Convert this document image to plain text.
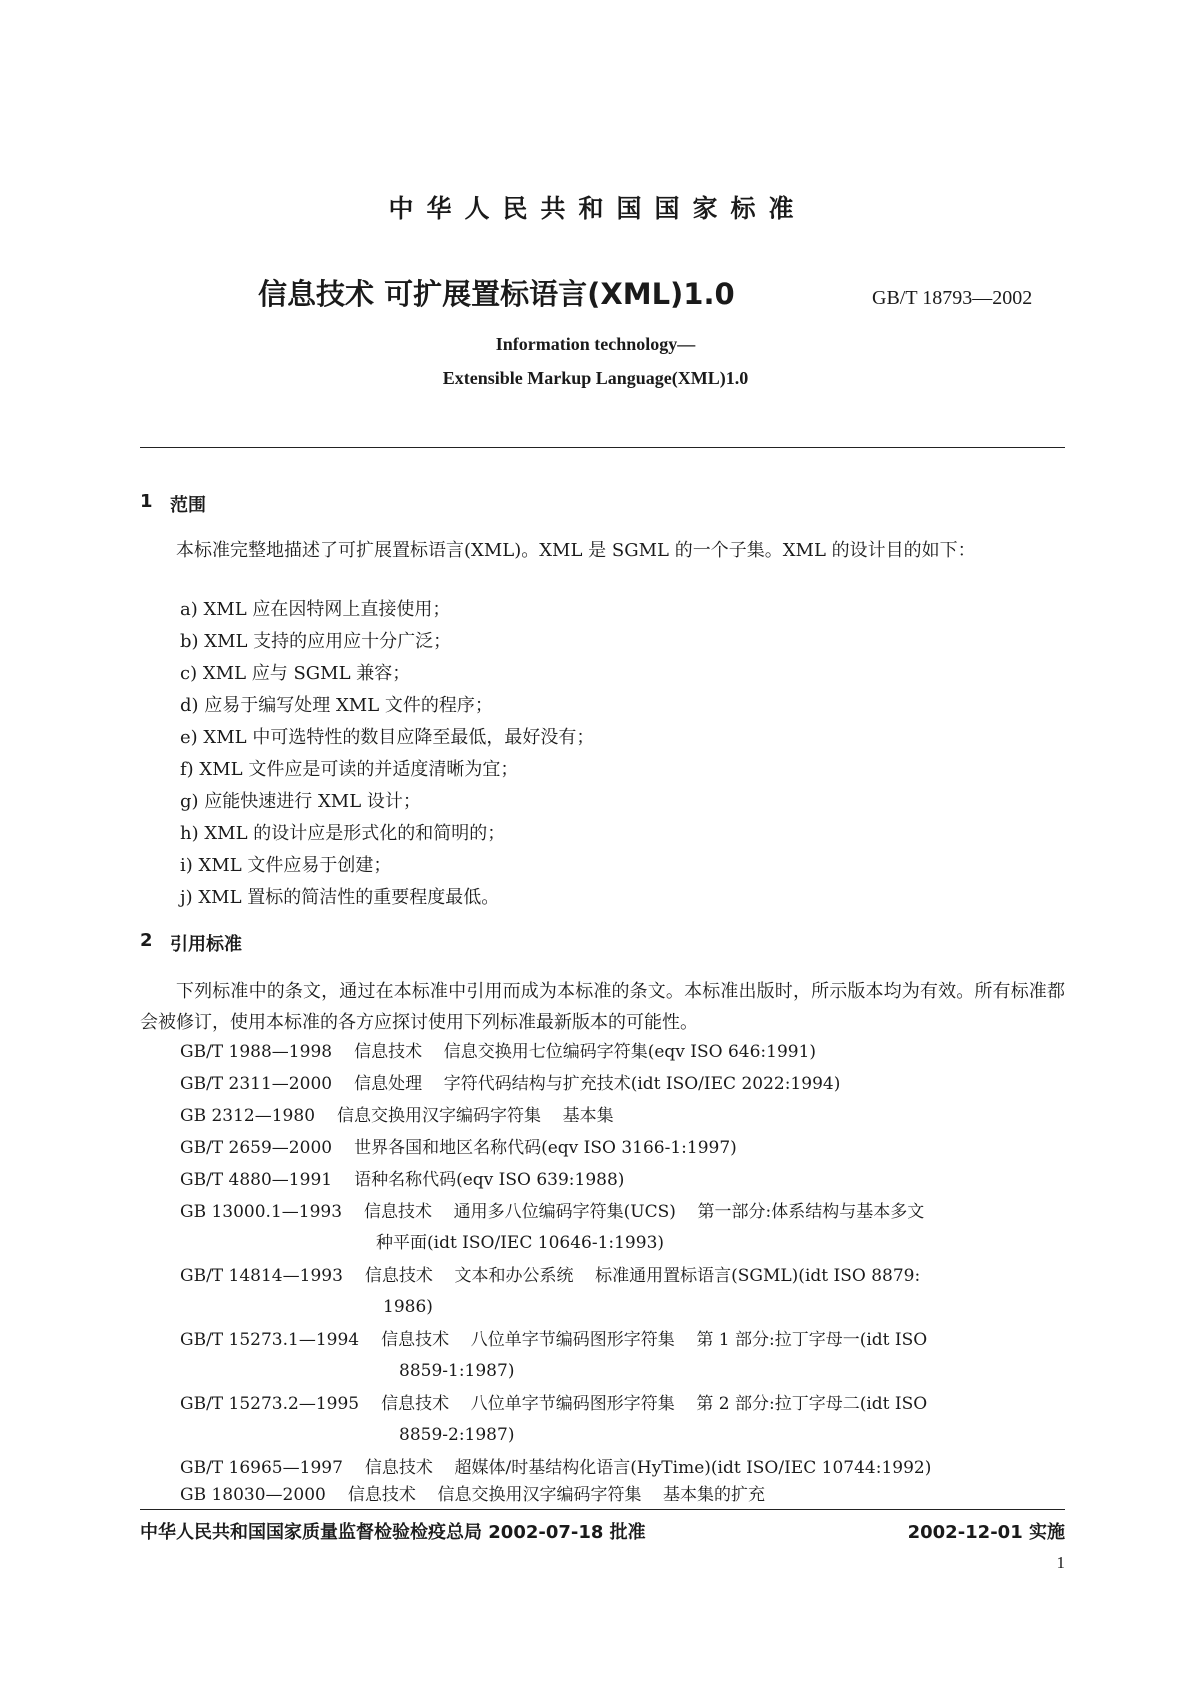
中华人民共和国国家标准
信息技术 可扩展置标语言(XML)1.0	GB/T 18793—2002
Information technology—
Extensible Markup Language(XML)1.0
1 范围
本标准完整地描述了可扩展置标语言(XML)。XML 是 SGML 的一个子集。XML 的设计目的如下：
a) XML 应在因特网上直接使用；
b) XML 支持的应用应十分广泛；
c) XML 应与 SGML 兼容；
d) 应易于编写处理 XML 文件的程序；
e) XML 中可选特性的数目应降至最低，最好没有；
f) XML 文件应是可读的并适度清晰为宜；
g) 应能快速进行 XML 设计；
h) XML 的设计应是形式化的和简明的；
i) XML 文件应易于创建；
j) XML 置标的简洁性的重要程度最低。
2 引用标准
下列标准中的条文，通过在本标准中引用而成为本标准的条文。本标准出版时，所示版本均为有效。所有标准都会被修订，使用本标准的各方应探讨使用下列标准最新版本的可能性。
GB/T 1988—1998 信息技术    信息交换用七位编码字符集(eqv ISO 646:1991)
GB/T 2311—2000 信息处理    字符代码结构与扩充技术(idt ISO/IEC 2022:1994)
GB 2312—1980 信息交换用汉字编码字符集    基本集
GB/T 2659—2000 世界各国和地区名称代码(eqv ISO 3166-1:1997)
GB/T 4880—1991 语种名称代码(eqv ISO 639:1988)
GB 13000.1—1993 信息技术    通用多八位编码字符集(UCS)    第一部分:体系结构与基本多文
种平面(idt ISO/IEC 10646-1:1993)
GB/T 14814—1993 信息技术    文本和办公系统    标准通用置标语言(SGML)(idt ISO 8879:
1986)
GB/T 15273.1—1994 信息技术    八位单字节编码图形字符集    第 1 部分:拉丁字母一(idt ISO
8859-1:1987)
GB/T 15273.2—1995 信息技术    八位单字节编码图形字符集    第 2 部分:拉丁字母二(idt ISO
8859-2:1987)
GB/T 16965—1997 信息技术    超媒体/时基结构化语言(HyTime)(idt ISO/IEC 10744:1992)
GB 18030—2000 信息技术    信息交换用汉字编码字符集    基本集的扩充
中华人民共和国国家质量监督检验检疫总局 2002-07-18 批准	2002-12-01 实施
1
